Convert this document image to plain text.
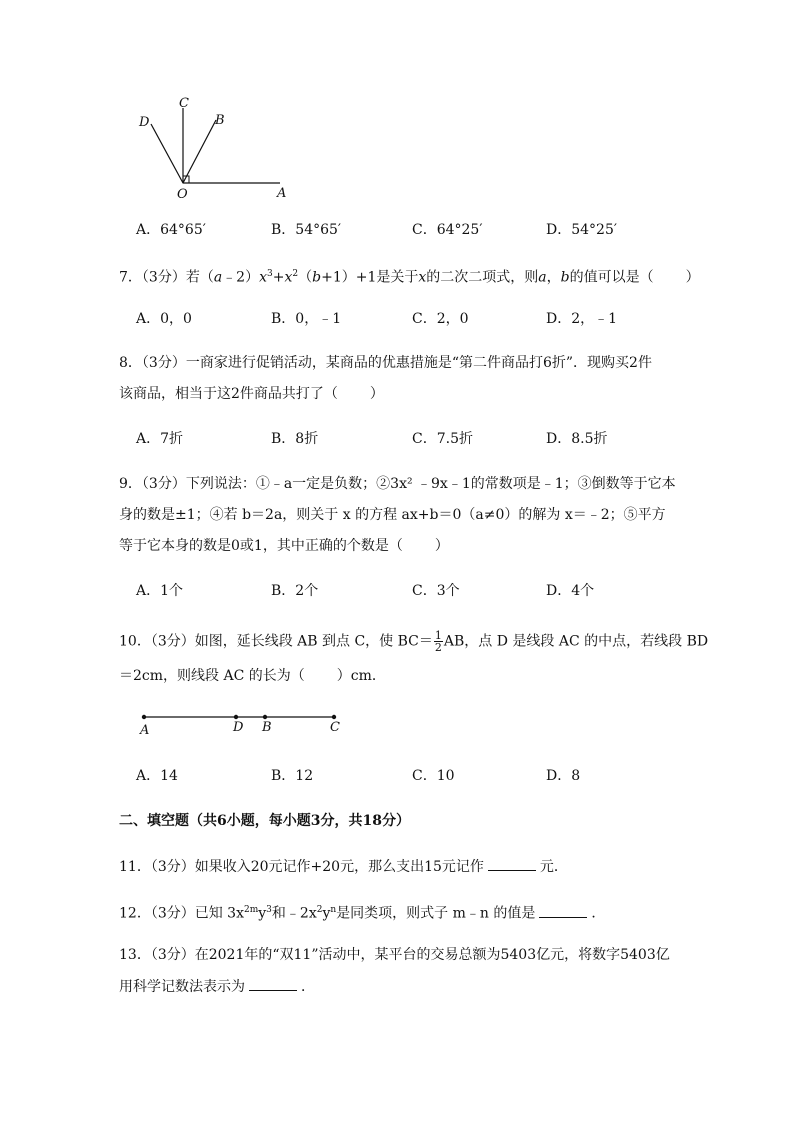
D
C
B
O	A
A．64°65′	B．54°65′	C．64°25′	D．54°25′
7．（3分）若$(a﹣2)x^3+x^2(b+1)+1$是关于x的二次二项式，则a，b的值可以是（ ）
A．0，0	B．0，﹣1	C．2，0	D．2，﹣1
8．（3分）一商家进行促销活动，某商品的优惠措施是“第二件商品打6折”．现购买2件
该商品，相当于这2件商品共打了（ ）
A．7折	B．8折	C．7.5折	D．8.5折
9．（3分）下列说法：①﹣a一定是负数；②3x² ﹣9x﹣1的常数项是﹣1；③倒数等于它本
身的数是±1；④若 b＝2a，则关于 x 的方程 ax+b＝0（a≠0）的解为 x＝﹣2；⑤平方
等于它本身的数是0或1，其中正确的个数是（ ）
A．1个	B．2个	C．3个	D．4个
10．（3分）如图，延长线段 AB 到点 C，使 $BC= \frac{1}{2}$ AB，点 D 是线段 AC 的中点，若线段 BD
＝2cm，则线段 AC 的长为（ ）cm．
A	D B	C
A．14	B．12	C．10	D．8
二、填空题（共6小题，每小题3分，共18分）
11．（3分）如果收入20元记作+20元，那么支出15元记作	元．
12．（3分）已知 $3x^{2m}y^3$和$﹣2x^2y^n$是同类项，则式子 m﹣n 的值是	．
13．（3分）在2021年的“双11”活动中，某平台的交易总额为5403亿元，将数字5403亿
用科学记数法表示为	．
